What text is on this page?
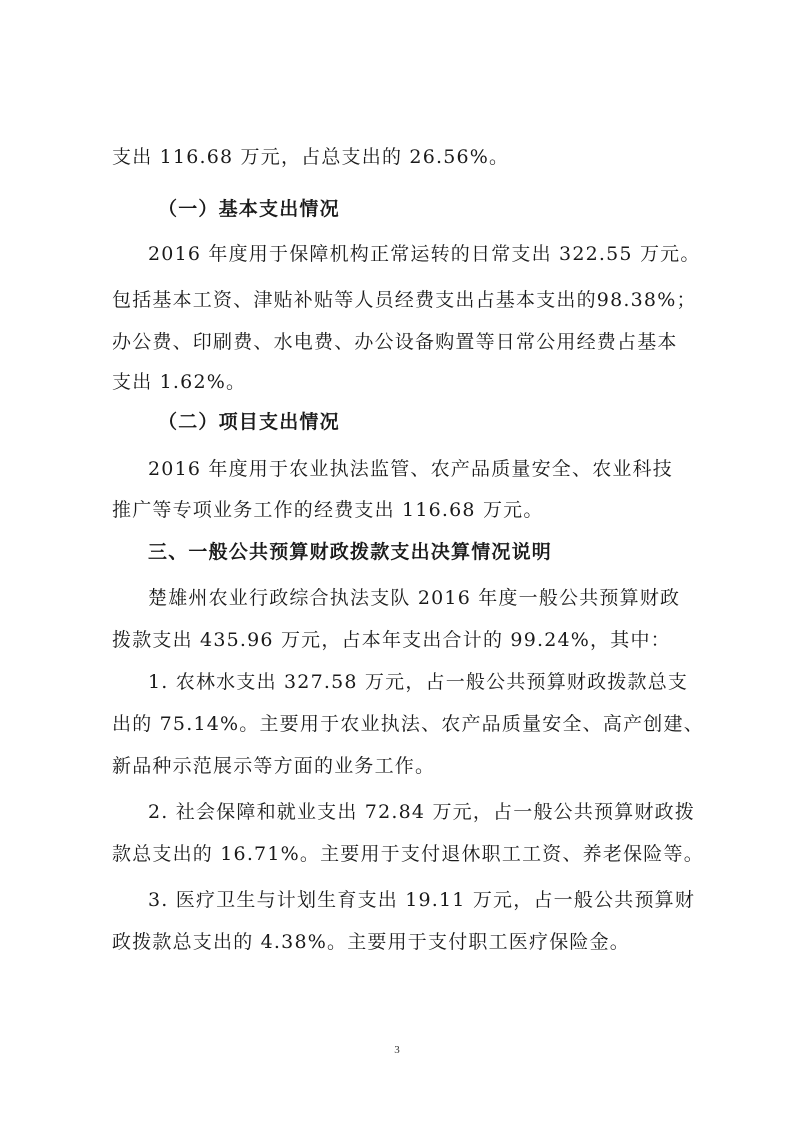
支出 116.68 万元，占总支出的 26.56%。
（一）基本支出情况
2016 年度用于保障机构正常运转的日常支出 322.55 万元。
包括基本工资、津贴补贴等人员经费支出占基本支出的98.38%；
办公费、印刷费、水电费、办公设备购置等日常公用经费占基本
支出 1.62%。
（二）项目支出情况
2016 年度用于农业执法监管、农产品质量安全、农业科技
推广等专项业务工作的经费支出 116.68 万元。
三、一般公共预算财政拨款支出决算情况说明
楚雄州农业行政综合执法支队 2016 年度一般公共预算财政
拨款支出 435.96 万元，占本年支出合计的 99.24%，其中：
1. 农林水支出 327.58 万元，占一般公共预算财政拨款总支
出的 75.14%。主要用于农业执法、农产品质量安全、高产创建、
新品种示范展示等方面的业务工作。
2. 社会保障和就业支出 72.84 万元，占一般公共预算财政拨
款总支出的 16.71%。主要用于支付退休职工工资、养老保险等。
3. 医疗卫生与计划生育支出 19.11 万元，占一般公共预算财
政拨款总支出的 4.38%。主要用于支付职工医疗保险金。
3
